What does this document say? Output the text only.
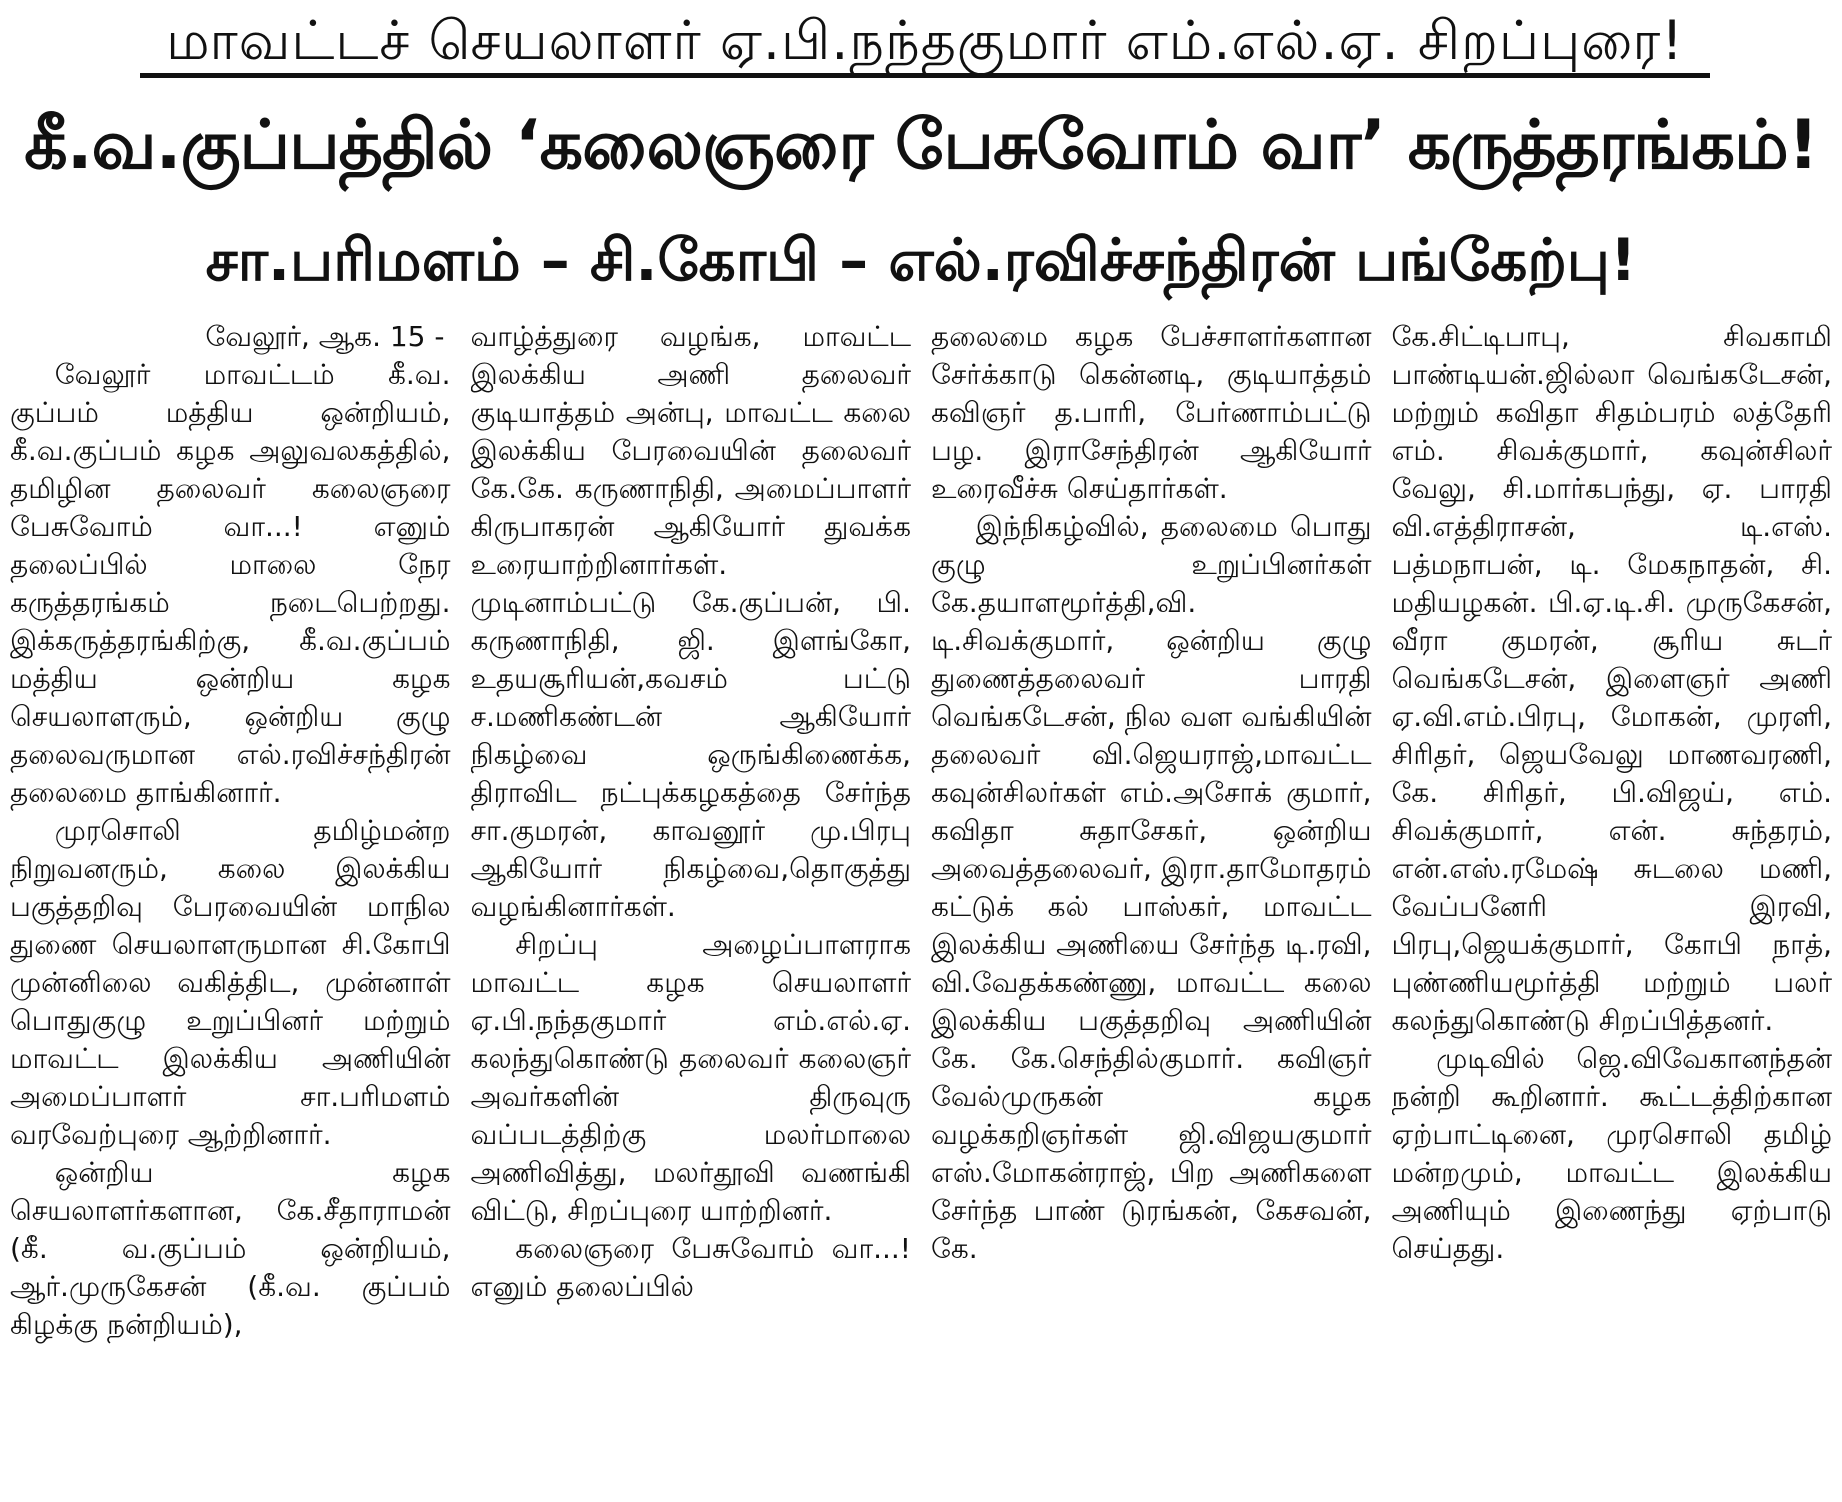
மாவட்டச் செயலாளர் ஏ.பி.நந்தகுமார் எம்.எல்.ஏ. சிறப்புரை!
கீ.வ.குப்பத்தில் ‘கலைஞரை பேசுவோம் வா’ கருத்தரங்கம்!
சா.பரிமளம் – சி.கோபி – எல்.ரவிச்சந்திரன் பங்கேற்பு!

வேலூர், ஆக. 15 -

வேலூர் மாவட்டம் கீ.வ. குப்பம் மத்திய ஒன்றியம், கீ.வ.குப்பம் கழக அலுவலகத்தில், தமிழின தலைவர் கலைஞரை பேசுவோம் வா...! எனும் தலைப்பில் மாலை நேர கருத்தரங்கம் நடைபெற்றது. இக்கருத்தரங்கிற்கு, கீ.வ.குப்பம் மத்திய ஒன்றிய கழக செயலாளரும், ஒன்றிய குழு தலைவருமான எல்.ரவிச்சந்திரன் தலைமை தாங்கினார்.

முரசொலி தமிழ்மன்ற நிறுவனரும், கலை இலக்கிய பகுத்தறிவு பேரவையின் மாநில துணை செயலாளருமான சி.கோபி முன்னிலை வகித்திட, முன்னாள் பொதுகுழு உறுப்பினர் மற்றும் மாவட்ட இலக்கிய அணியின் அமைப்பாளர் சா.பரிமளம் வரவேற்புரை ஆற்றினார்.

ஒன்றிய கழக செயலாளர்களான, கே.சீதாராமன் (கீ. வ.குப்பம் ஒன்றியம், ஆர்.முருகேசன் (கீ.வ. குப்பம் கிழக்கு நன்றியம்),

வாழ்த்துரை வழங்க, மாவட்ட இலக்கிய அணி தலைவர் குடியாத்தம் அன்பு, மாவட்ட கலை இலக்கிய பேரவையின் தலைவர் கே.கே. கருணாநிதி, அமைப்பாளர் கிருபாகரன் ஆகியோர் துவக்க உரையாற்றினார்கள். முடினாம்பட்டு கே.குப்பன், பி. கருணாநிதி, ஜி. இளங்கோ, உதயசூரியன்,கவசம் பட்டு ச.மணிகண்டன் ஆகியோர் நிகழ்வை ஒருங்கிணைக்க, திராவிட நட்புக்கழகத்தை சேர்ந்த சா.குமரன், காவனூர் மு.பிரபு ஆகியோர் நிகழ்வை,தொகுத்து வழங்கினார்கள்.

சிறப்பு அழைப்பாளராக மாவட்ட கழக செயலாளர் ஏ.பி.நந்தகுமார் எம்.எல்.ஏ. கலந்துகொண்டு தலைவர் கலைஞர் அவர்களின் திருவுரு வப்படத்திற்கு மலர்மாலை அணிவித்து, மலர்தூவி வணங்கி விட்டு, சிறப்புரை யாற்றினர்.

கலைஞரை பேசுவோம் வா...! எனும் தலைப்பில்

தலைமை கழக பேச்சாளர்களான சேர்க்காடு கென்னடி, குடியாத்தம் கவிஞர் த.பாரி, பேர்ணாம்பட்டு பழ. இராசேந்திரன் ஆகியோர் உரைவீச்சு செய்தார்கள்.

இந்நிகழ்வில், தலைமை பொது குழு உறுப்பினர்கள் கே.தயாளமூர்த்தி,வி. டி.சிவக்குமார், ஒன்றிய குழு துணைத்தலைவர் பாரதி வெங்கடேசன், நில வள வங்கியின் தலைவர் வி.ஜெயராஜ்,மாவட்ட கவுன்சிலர்கள் எம்.அசோக் குமார், கவிதா சுதாசேகர், ஒன்றிய அவைத்தலைவர், இரா.தாமோதரம் கட்டுக் கல் பாஸ்கர், மாவட்ட இலக்கிய அணியை சேர்ந்த டி.ரவி, வி.வேதக்கண்ணு, மாவட்ட கலை இலக்கிய பகுத்தறிவு அணியின் கே. கே.செந்தில்குமார். கவிஞர் வேல்முருகன் கழக வழக்கறிஞர்கள் ஜி.விஜயகுமார் எஸ்.மோகன்ராஜ், பிற அணிகளை சேர்ந்த பாண் டுரங்கன், கேசவன், கே.

கே.சிட்டிபாபு, சிவகாமி பாண்டியன்.ஜில்லா வெங்கடேசன், மற்றும் கவிதா சிதம்பரம் லத்தேரி எம். சிவக்குமார், கவுன்சிலர் வேலு, சி.மார்கபந்து, ஏ. பாரதி வி.எத்திராசன், டி.எஸ். பத்மநாபன், டி. மேகநாதன், சி. மதியழகன். பி.ஏ.டி.சி. முருகேசன், வீரா குமரன், சூரிய சுடர் வெங்கடேசன், இளைஞர் அணி ஏ.வி.எம்.பிரபு, மோகன், முரளி, சிரிதர், ஜெயவேலு மாணவரணி, கே. சிரிதர், பி.விஜய், எம். சிவக்குமார், என். சுந்தரம், என்.எஸ்.ரமேஷ் சுடலை மணி, வேப்பனேரி இரவி, பிரபு,ஜெயக்குமார், கோபி நாத், புண்ணியமூர்த்தி மற்றும் பலர் கலந்துகொண்டு சிறப்பித்தனர்.

முடிவில் ஜெ.விவேகானந்தன் நன்றி கூறினார். கூட்டத்திற்கான ஏற்பாட்டினை, முரசொலி தமிழ் மன்றமும், மாவட்ட இலக்கிய அணியும் இணைந்து ஏற்பாடு செய்தது.
